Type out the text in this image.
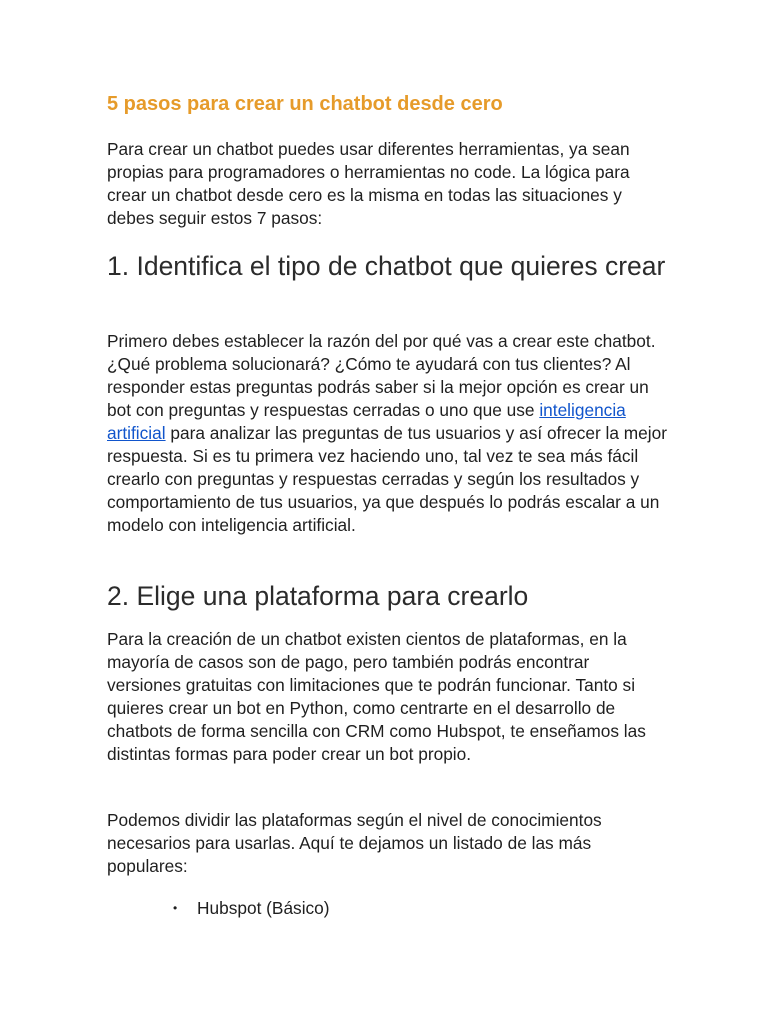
5 pasos para crear un chatbot desde cero

Para crear un chatbot puedes usar diferentes herramientas, ya sean propias para programadores o herramientas no code. La lógica para crear un chatbot desde cero es la misma en todas las situaciones y debes seguir estos 7 pasos:

1. Identifica el tipo de chatbot que quieres crear

Primero debes establecer la razón del por qué vas a crear este chatbot. ¿Qué problema solucionará? ¿Cómo te ayudará con tus clientes? Al responder estas preguntas podrás saber si la mejor opción es crear un bot con preguntas y respuestas cerradas o uno que use inteligencia artificial para analizar las preguntas de tus usuarios y así ofrecer la mejor respuesta. Si es tu primera vez haciendo uno, tal vez te sea más fácil crearlo con preguntas y respuestas cerradas y según los resultados y comportamiento de tus usuarios, ya que después lo podrás escalar a un modelo con inteligencia artificial.

2. Elige una plataforma para crearlo

Para la creación de un chatbot existen cientos de plataformas, en la mayoría de casos son de pago, pero también podrás encontrar versiones gratuitas con limitaciones que te podrán funcionar. Tanto si quieres crear un bot en Python, como centrarte en el desarrollo de chatbots de forma sencilla con CRM como Hubspot, te enseñamos las distintas formas para poder crear un bot propio.

Podemos dividir las plataformas según el nivel de conocimientos necesarios para usarlas. Aquí te dejamos un listado de las más populares:

• Hubspot (Básico)
